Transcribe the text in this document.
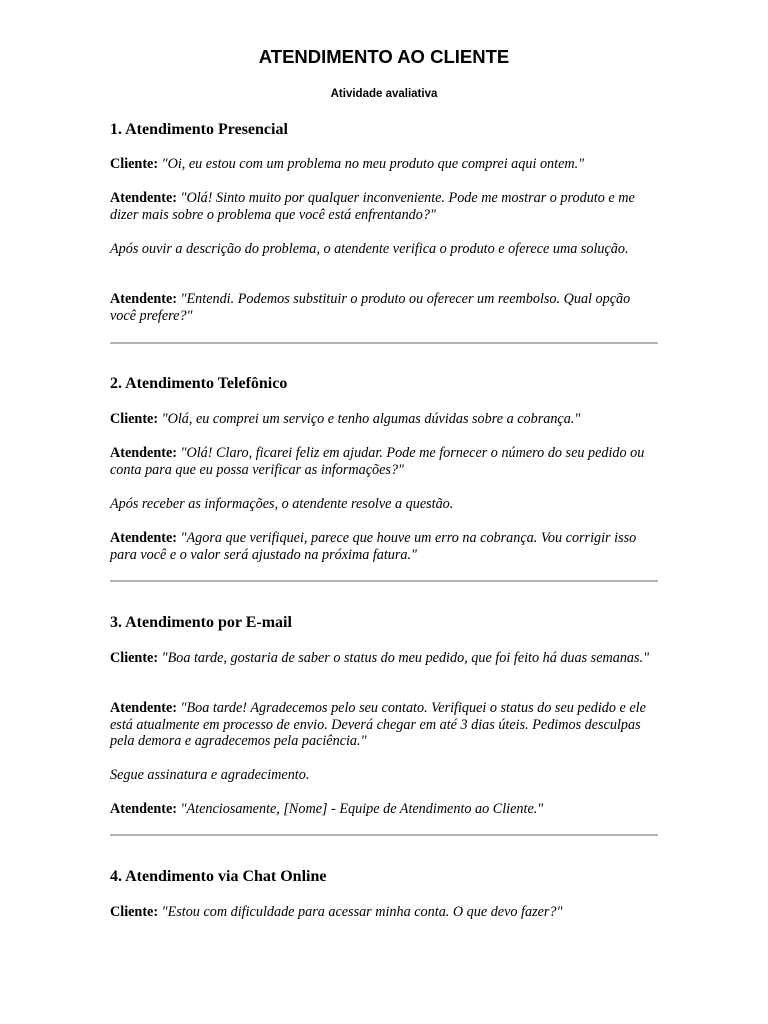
ATENDIMENTO AO CLIENTE
Atividade avaliativa
1. Atendimento Presencial

Cliente: "Oi, eu estou com um problema no meu produto que comprei aqui ontem."

Atendente: "Olá! Sinto muito por qualquer inconveniente. Pode me mostrar o produto e me dizer mais sobre o problema que você está enfrentando?"

Após ouvir a descrição do problema, o atendente verifica o produto e oferece uma solução.

Atendente: "Entendi. Podemos substituir o produto ou oferecer um reembolso. Qual opção você prefere?"

2. Atendimento Telefônico

Cliente: "Olá, eu comprei um serviço e tenho algumas dúvidas sobre a cobrança."

Atendente: "Olá! Claro, ficarei feliz em ajudar. Pode me fornecer o número do seu pedido ou conta para que eu possa verificar as informações?"

Após receber as informações, o atendente resolve a questão.

Atendente: "Agora que verifiquei, parece que houve um erro na cobrança. Vou corrigir isso para você e o valor será ajustado na próxima fatura."

3. Atendimento por E-mail

Cliente: "Boa tarde, gostaria de saber o status do meu pedido, que foi feito há duas semanas."

Atendente: "Boa tarde! Agradecemos pelo seu contato. Verifiquei o status do seu pedido e ele está atualmente em processo de envio. Deverá chegar em até 3 dias úteis. Pedimos desculpas pela demora e agradecemos pela paciência."

Segue assinatura e agradecimento.

Atendente: "Atenciosamente, [Nome] - Equipe de Atendimento ao Cliente."

4. Atendimento via Chat Online

Cliente: "Estou com dificuldade para acessar minha conta. O que devo fazer?"
